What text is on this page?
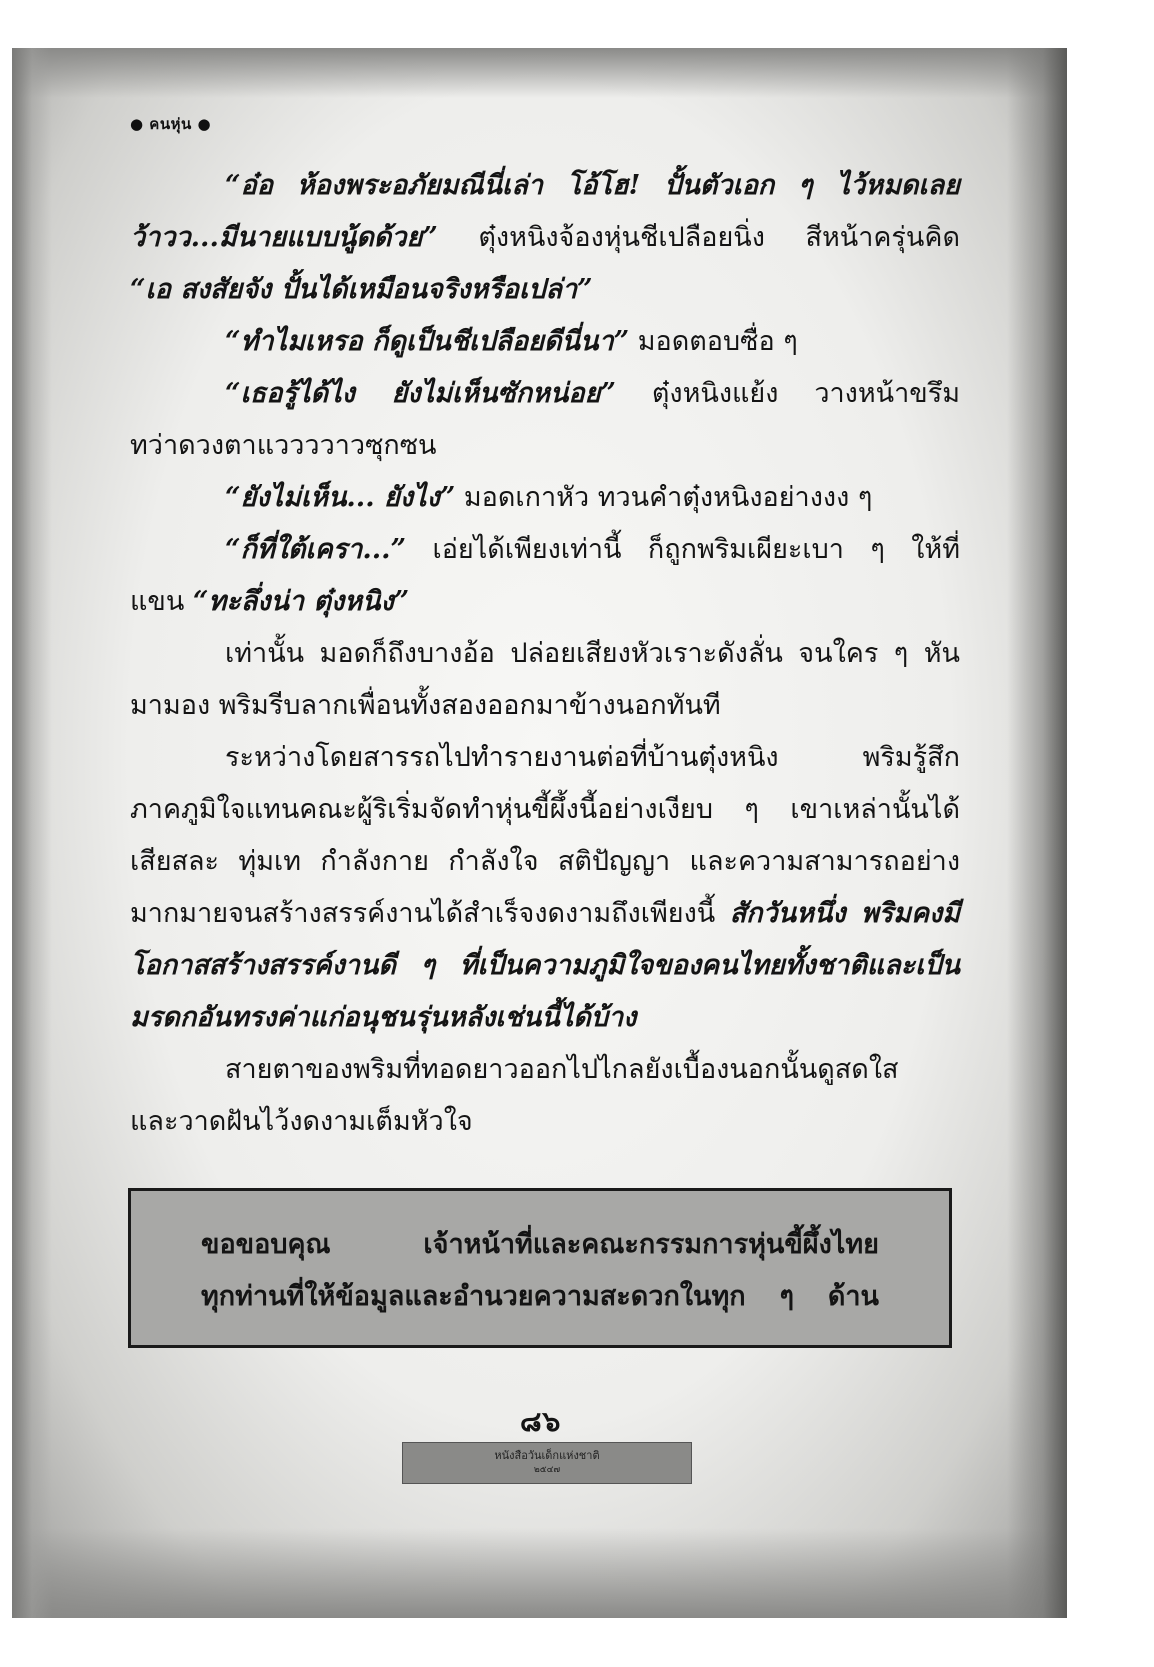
● คนหุ่น ●

“อ๋อ ห้องพระอภัยมณีนี่เล่า โอ้โฮ! ปั้นตัวเอก ๆ ไว้หมดเลย

ว้าวว...มีนายแบบนู้ดด้วย” ตุ๋งหนิงจ้องหุ่นชีเปลือยนิ่ง สีหน้าครุ่นคิด

“เอ สงสัยจัง ปั้นได้เหมือนจริงหรือเปล่า”

“ทำไมเหรอ ก็ดูเป็นชีเปลือยดีนี่นา” มอดตอบซื่อ ๆ

“เธอรู้ได้ไง ยังไม่เห็นซักหน่อย” ตุ๋งหนิงแย้ง วางหน้าขรึม

ทว่าดวงตาแววววาวซุกซน

“ยังไม่เห็น... ยังไง” มอดเกาหัว ทวนคำตุ๋งหนิงอย่างงง ๆ

“ก็ที่ใต้เครา...” เอ่ยได้เพียงเท่านี้ ก็ถูกพริมเผียะเบา ๆ ให้ที่

แขน “ทะลึ่งน่า ตุ๋งหนิง”

เท่านั้น มอดก็ถึงบางอ้อ ปล่อยเสียงหัวเราะดังลั่น จนใคร ๆ หัน

มามอง พริมรีบลากเพื่อนทั้งสองออกมาข้างนอกทันที

ระหว่างโดยสารรถไปทำรายงานต่อที่บ้านตุ๋งหนิง พริมรู้สึก

ภาคภูมิใจแทนคณะผู้ริเริ่มจัดทำหุ่นขี้ผึ้งนี้อย่างเงียบ ๆ เขาเหล่านั้นได้

เสียสละ ทุ่มเท กำลังกาย กำลังใจ สติปัญญา และความสามารถอย่าง

มากมายจนสร้างสรรค์งานได้สำเร็จงดงามถึงเพียงนี้ สักวันหนึ่ง พริมคงมี

โอกาสสร้างสรรค์งานดี ๆ ที่เป็นความภูมิใจของคนไทยทั้งชาติและเป็น

มรดกอันทรงค่าแก่อนุชนรุ่นหลังเช่นนี้ได้บ้าง

สายตาของพริมที่ทอดยาวออกไปไกลยังเบื้องนอกนั้นดูสดใส

และวาดฝันไว้งดงามเต็มหัวใจ

ขอขอบคุณ เจ้าหน้าที่และคณะกรรมการหุ่นขี้ผึ้งไทย

ทุกท่านที่ให้ข้อมูลและอำนวยความสะดวกในทุก ๆ ด้าน

๘๖
หนังสือวันเด็กแห่งชาติ
๒๕๔๗
